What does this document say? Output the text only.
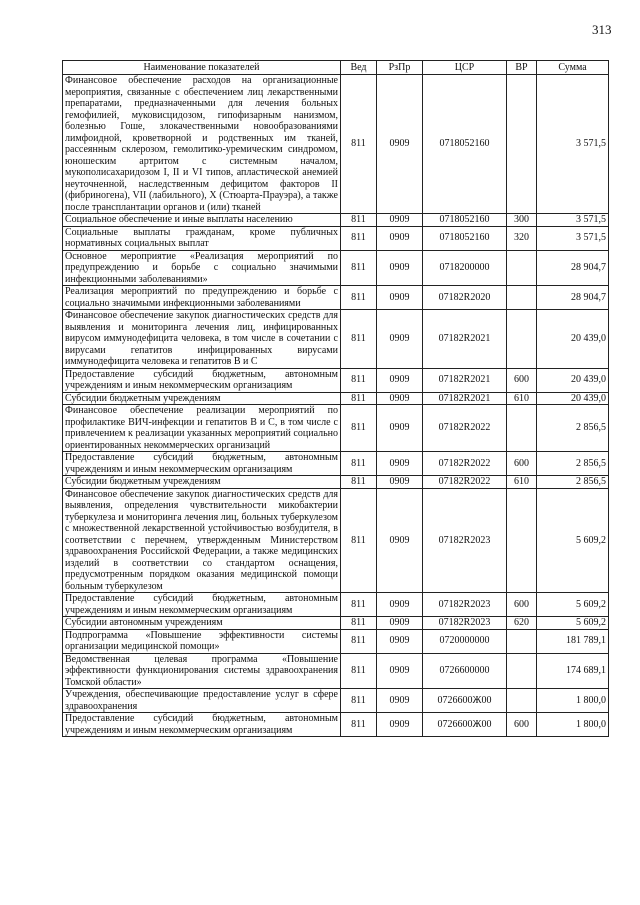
313
Наименование показателей	Вед	РзПр	ЦСР	ВР	Сумма
Финансовое обеспечение расходов на организационные мероприятия, связанные с обеспечением лиц лекарственными препаратами, предназначенными для лечения больных гемофилией, муковисцидозом, гипофизарным нанизмом, болезнью Гоше, злокачественными новообразованиями лимфоидной, кроветворной и родственных им тканей, рассеянным склерозом, гемолитико-уремическим синдромом, юношеским артритом с системным началом, мукополисахаридозом I, II и VI типов, апластической анемией неуточненной, наследственным дефицитом факторов II (фибриногена), VII (лабильного), X (Стюарта-Прауэра), а также после трансплантации органов и (или) тканей	811	0909	0718052160		3 571,5
Социальное обеспечение и иные выплаты населению	811	0909	0718052160	300	3 571,5
Социальные выплаты гражданам, кроме публичных нормативных социальных выплат	811	0909	0718052160	320	3 571,5
Основное мероприятие «Реализация мероприятий по предупреждению и борьбе с социально значимыми инфекционными заболеваниями»	811	0909	0718200000		28 904,7
Реализация мероприятий по предупреждению и борьбе с социально значимыми инфекционными заболеваниями	811	0909	07182R2020		28 904,7
Финансовое обеспечение закупок диагностических средств для выявления и мониторинга лечения лиц, инфицированных вирусом иммунодефицита человека, в том числе в сочетании с вирусами гепатитов инфицированных вирусами иммунодефицита человека и гепатитов В и С	811	0909	07182R2021		20 439,0
Предоставление субсидий бюджетным, автономным учреждениям и иным некоммерческим организациям	811	0909	07182R2021	600	20 439,0
Субсидии бюджетным учреждениям	811	0909	07182R2021	610	20 439,0
Финансовое обеспечение реализации мероприятий по профилактике ВИЧ-инфекции и гепатитов В и С, в том числе с привлечением к реализации указанных мероприятий социально ориентированных некоммерческих организаций	811	0909	07182R2022		2 856,5
Предоставление субсидий бюджетным, автономным учреждениям и иным некоммерческим организациям	811	0909	07182R2022	600	2 856,5
Субсидии бюджетным учреждениям	811	0909	07182R2022	610	2 856,5
Финансовое обеспечение закупок диагностических средств для выявления, определения чувствительности микобактерии туберкулеза и мониторинга лечения лиц, больных туберкулезом с множественной лекарственной устойчивостью возбудителя, в соответствии с перечнем, утвержденным Министерством здравоохранения Российской Федерации, а также медицинских изделий в соответствии со стандартом оснащения, предусмотренным порядком оказания медицинской помощи больным туберкулезом	811	0909	07182R2023		5 609,2
Предоставление субсидий бюджетным, автономным учреждениям и иным некоммерческим организациям	811	0909	07182R2023	600	5 609,2
Субсидии автономным учреждениям	811	0909	07182R2023	620	5 609,2
Подпрограмма «Повышение эффективности системы организации медицинской помощи»	811	0909	0720000000		181 789,1
Ведомственная целевая программа «Повышение эффективности функционирования системы здравоохранения Томской области»	811	0909	0726600000		174 689,1
Учреждения, обеспечивающие предоставление услуг в сфере здравоохранения	811	0909	0726600Ж00		1 800,0
Предоставление субсидий бюджетным, автономным учреждениям и иным некоммерческим организациям	811	0909	0726600Ж00	600	1 800,0
